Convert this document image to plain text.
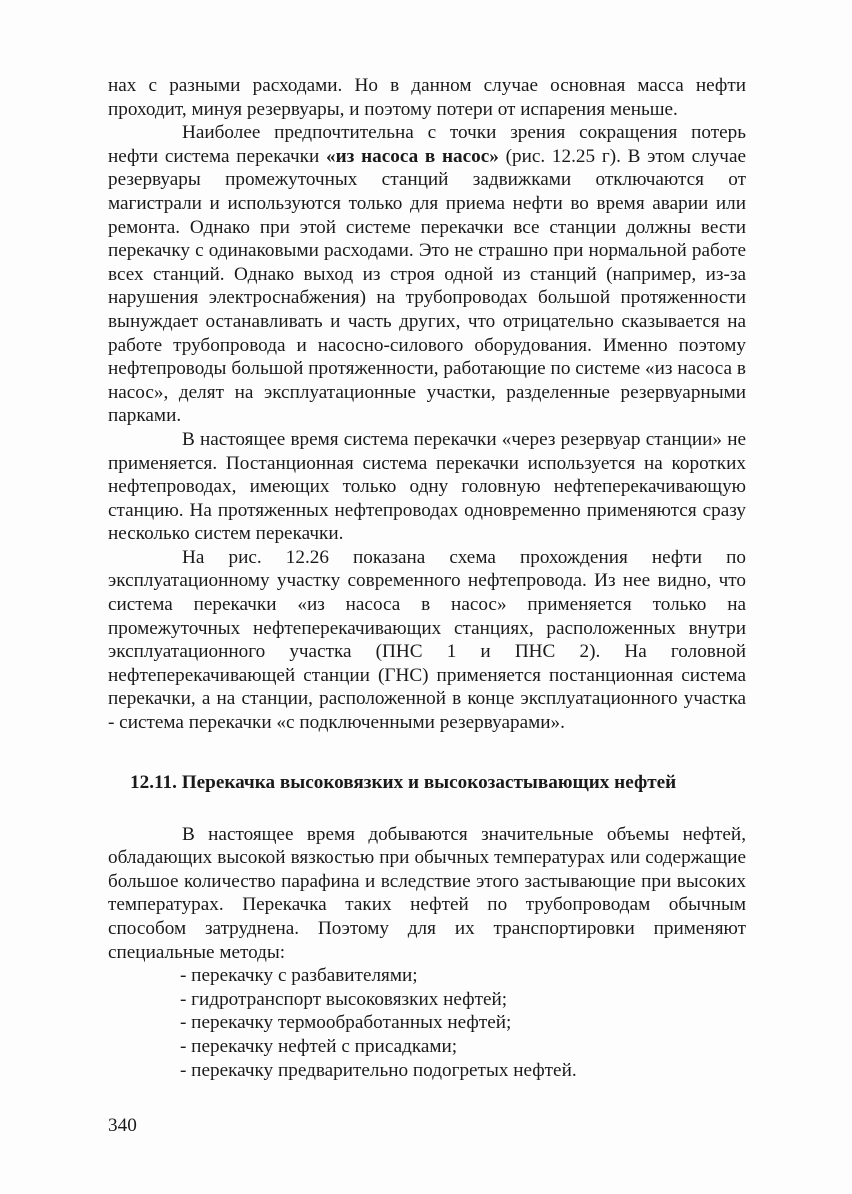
нах с разными расходами. Но в данном случае основная масса нефти проходит, минуя резервуары, и поэтому потери от испарения меньше.

Наиболее предпочтительна с точки зрения сокращения потерь нефти система перекачки «из насоса в насос» (рис. 12.25 г). В этом случае резервуары промежуточных станций задвижками отключаются от магистрали и используются только для приема нефти во время аварии или ремонта. Однако при этой системе перекачки все станции должны вести перекачку с одинаковыми расходами. Это не страшно при нормальной работе всех станций. Однако выход из строя одной из станций (например, из-за нарушения электроснабжения) на трубопроводах большой протяженности вынуждает останавливать и часть других, что отрицательно сказывается на работе трубопровода и насосно-силового оборудования. Именно поэтому нефтепроводы большой протяженности, работающие по системе «из насоса в насос», делят на эксплуатационные участки, разделенные резервуарными парками.

В настоящее время система перекачки «через резервуар станции» не применяется. Постанционная система перекачки используется на коротких нефтепроводах, имеющих только одну головную нефтеперекачивающую станцию. На протяженных нефтепроводах одновременно применяются сразу несколько систем перекачки.

На рис. 12.26 показана схема прохождения нефти по эксплуатационному участку современного нефтепровода. Из нее видно, что система перекачки «из насоса в насос» применяется только на промежуточных нефтеперекачивающих станциях, расположенных внутри эксплуатационного участка (ПНС 1 и ПНС 2). На головной нефтеперекачивающей станции (ГНС) применяется постанционная система перекачки, а на станции, расположенной в конце эксплуатационного участка - система перекачки «с подключенными резервуарами».

12.11. Перекачка высоковязких и высокозастывающих нефтей

В настоящее время добываются значительные объемы нефтей, обладающих высокой вязкостью при обычных температурах или содержащие большое количество парафина и вследствие этого застывающие при высоких температурах. Перекачка таких нефтей по трубопроводам обычным способом затруднена. Поэтому для их транспортировки применяют специальные методы:

- перекачку с разбавителями;
- гидротранспорт высоковязких нефтей;
- перекачку термообработанных нефтей;
- перекачку нефтей с присадками;
- перекачку предварительно подогретых нефтей.
340
